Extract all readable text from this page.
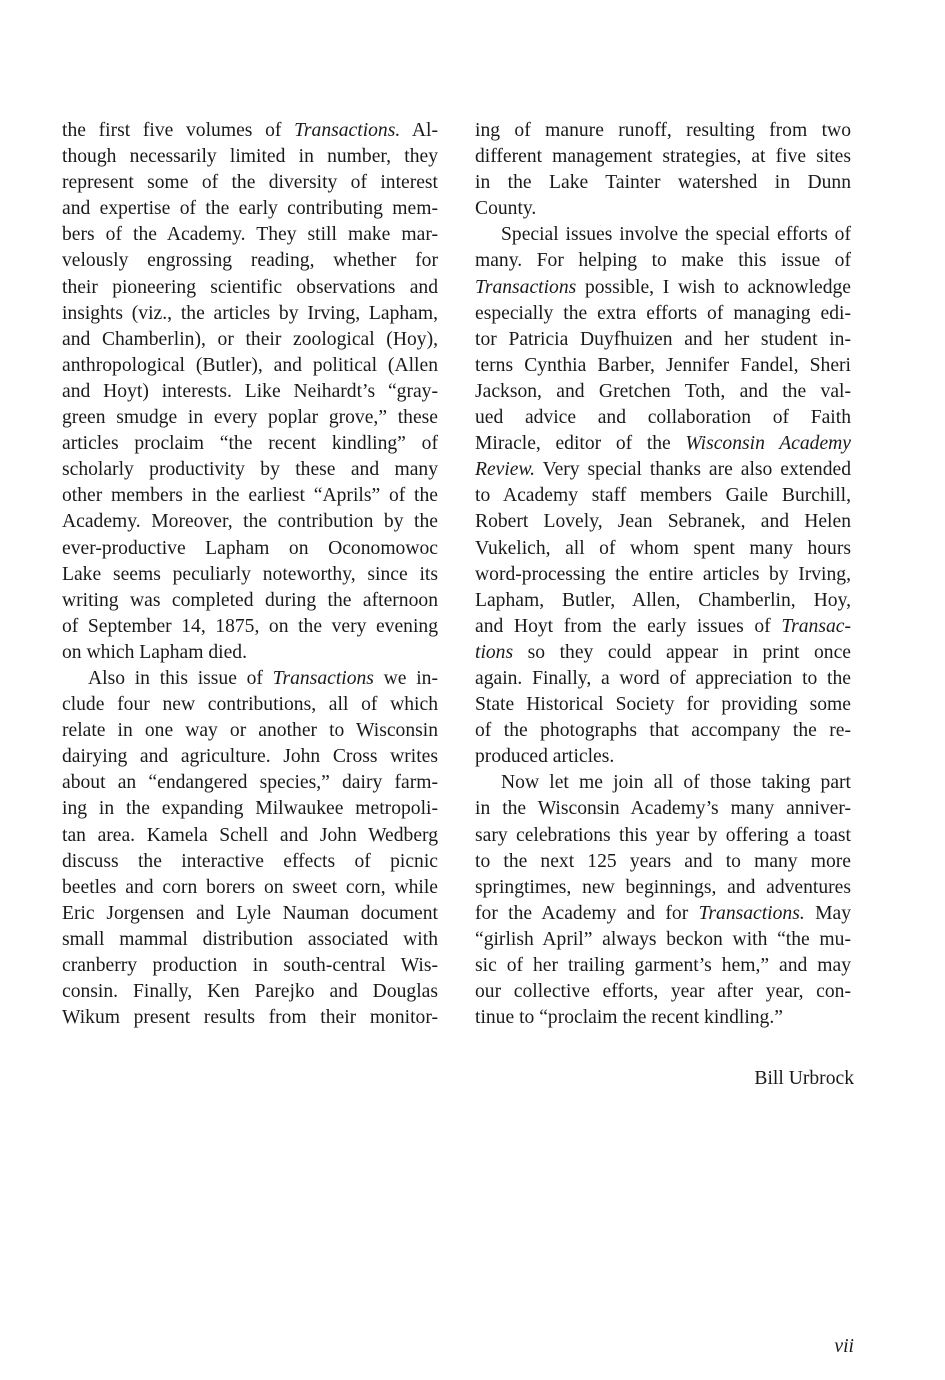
the first five volumes of Transactions. Al-
though necessarily limited in number, they
represent some of the diversity of interest
and expertise of the early contributing mem-
bers of the Academy. They still make mar-
velously engrossing reading, whether for
their pioneering scientific observations and
insights (viz., the articles by Irving, Lapham,
and Chamberlin), or their zoological (Hoy),
anthropological (Butler), and political (Allen
and Hoyt) interests. Like Neihardt’s “gray-
green smudge in every poplar grove,” these
articles proclaim “the recent kindling” of
scholarly productivity by these and many
other members in the earliest “Aprils” of the
Academy. Moreover, the contribution by the
ever-productive Lapham on Oconomowoc
Lake seems peculiarly noteworthy, since its
writing was completed during the afternoon
of September 14, 1875, on the very evening
on which Lapham died.
Also in this issue of Transactions we in-
clude four new contributions, all of which
relate in one way or another to Wisconsin
dairying and agriculture. John Cross writes
about an “endangered species,” dairy farm-
ing in the expanding Milwaukee metropoli-
tan area. Kamela Schell and John Wedberg
discuss the interactive effects of picnic
beetles and corn borers on sweet corn, while
Eric Jorgensen and Lyle Nauman document
small mammal distribution associated with
cranberry production in south-central Wis-
consin. Finally, Ken Parejko and Douglas
Wikum present results from their monitor-
ing of manure runoff, resulting from two
different management strategies, at five sites
in the Lake Tainter watershed in Dunn
County.
Special issues involve the special efforts of
many. For helping to make this issue of
Transactions possible, I wish to acknowledge
especially the extra efforts of managing edi-
tor Patricia Duyfhuizen and her student in-
terns Cynthia Barber, Jennifer Fandel, Sheri
Jackson, and Gretchen Toth, and the val-
ued advice and collaboration of Faith
Miracle, editor of the Wisconsin Academy
Review. Very special thanks are also extended
to Academy staff members Gaile Burchill,
Robert Lovely, Jean Sebranek, and Helen
Vukelich, all of whom spent many hours
word-processing the entire articles by Irving,
Lapham, Butler, Allen, Chamberlin, Hoy,
and Hoyt from the early issues of Transac-
tions so they could appear in print once
again. Finally, a word of appreciation to the
State Historical Society for providing some
of the photographs that accompany the re-
produced articles.
Now let me join all of those taking part
in the Wisconsin Academy’s many anniver-
sary celebrations this year by offering a toast
to the next 125 years and to many more
springtimes, new beginnings, and adventures
for the Academy and for Transactions. May
“girlish April” always beckon with “the mu-
sic of her trailing garment’s hem,” and may
our collective efforts, year after year, con-
tinue to “proclaim the recent kindling.”
Bill Urbrock
vii
